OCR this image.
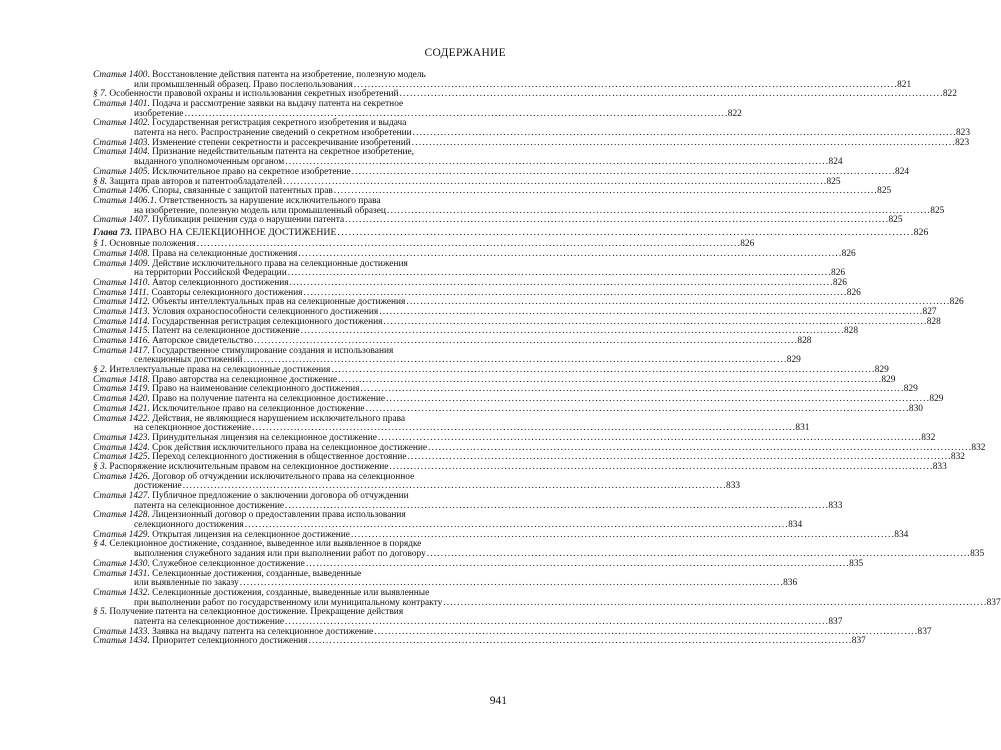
СОДЕРЖАНИЕ
Статья 1400. Восстановление действия патента на изобретение, полезную модель
или промышленный образец. Право послепользования . . .	821
§ 7. Особенности правовой охраны и использования секретных изобретений . . .	822
Статья 1401. Подача и рассмотрение заявки на выдачу патента на секретное
изобретение . . .	822
Статья 1402. Государственная регистрация секретного изобретения и выдача
патента на него. Распространение сведений о секретном изобретении . . .	823
Статья 1403. Изменение степени секретности и рассекречивание изобретений . . .	823
Статья 1404. Признание недействительным патента на секретное изобретение,
выданного уполномоченным органом . . .	824
Статья 1405. Исключительное право на секретное изобретение . . .	824
§ 8. Защита прав авторов и патентообладателей . . .	825
Статья 1406. Споры, связанные с защитой патентных прав . . .	825
Статья 1406.1. Ответственность за нарушение исключительного права
на изобретение, полезную модель или промышленный образец . . .	825
Статья 1407. Публикация решения суда о нарушении патента . . .	825
Глава 73. ПРАВО НА СЕЛЕКЦИОННОЕ ДОСТИЖЕНИЕ . . .	826
§ 1. Основные положения . . .	826
Статья 1408. Права на селекционные достижения . . .	826
Статья 1409. Действие исключительного права на селекционные достижения
на территории Российской Федерации . . .	826
Статья 1410. Автор селекционного достижения . . .	826
Статья 1411. Соавторы селекционного достижения . . .	826
Статья 1412. Объекты интеллектуальных прав на селекционные достижения . . .	826
Статья 1413. Условия охраноспособности селекционного достижения . . .	827
Статья 1414. Государственная регистрация селекционного достижения . . .	828
Статья 1415. Патент на селекционное достижение . . .	828
Статья 1416. Авторское свидетельство . . .	828
Статья 1417. Государственное стимулирование создания и использования
селекционных достижений . . .	829
§ 2. Интеллектуальные права на селекционные достижения . . .	829
Статья 1418. Право авторства на селекционное достижение . . .	829
Статья 1419. Право на наименование селекционного достижения . . .	829
Статья 1420. Право на получение патента на селекционное достижение . . .	829
Статья 1421. Исключительное право на селекционное достижение . . .	830
Статья 1422. Действия, не являющиеся нарушением исключительного права
на селекционное достижение . . .	831
Статья 1423. Принудительная лицензия на селекционное достижение . . .	832
Статья 1424. Срок действия исключительного права на селекционное достижение . . .	832
Статья 1425. Переход селекционного достижения в общественное достояние . . .	832
§ 3. Распоряжение исключительным правом на селекционное достижение . . .	833
Статья 1426. Договор об отчуждении исключительного права на селекционное
достижение . . .	833
Статья 1427. Публичное предложение о заключении договора об отчуждении
патента на селекционное достижение . . .	833
Статья 1428. Лицензионный договор о предоставлении права использования
селекционного достижения . . .	834
Статья 1429. Открытая лицензия на селекционное достижение . . .	834
§ 4. Селекционное достижение, созданное, выведенное или выявленное в порядке
выполнения служебного задания или при выполнении работ по договору . . .	835
Статья 1430. Служебное селекционное достижение . . .	835
Статья 1431. Селекционные достижения, созданные, выведенные
или выявленные по заказу . . .	836
Статья 1432. Селекционные достижения, созданные, выведенные или выявленные
при выполнении работ по государственному или муниципальному контракту . . .	837
§ 5. Получение патента на селекционное достижение. Прекращение действия
патента на селекционное достижение . . .	837
Статья 1433. Заявка на выдачу патента на селекционное достижение . . .	837
Статья 1434. Приоритет селекционного достижения . . .	837
941
